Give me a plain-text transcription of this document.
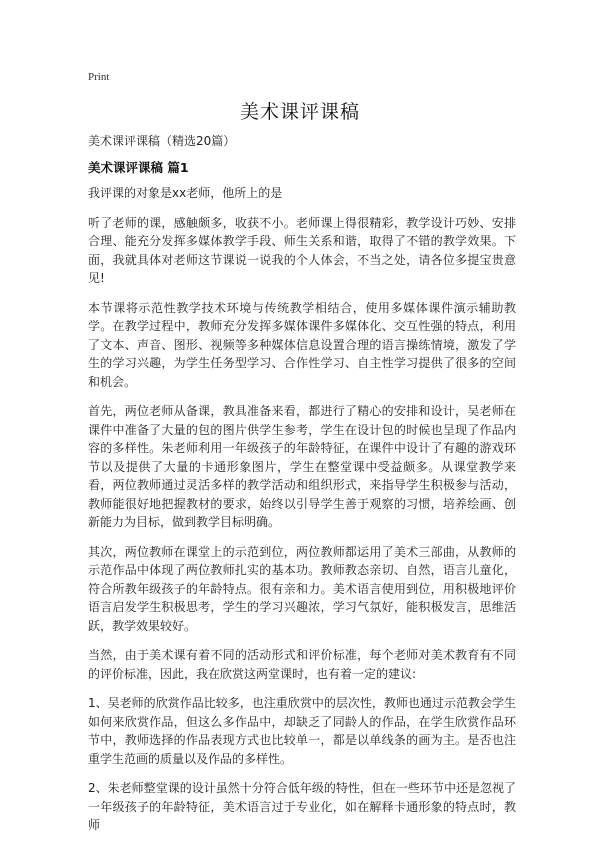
Print
美术课评课稿
美术课评课稿（精选20篇）
美术课评课稿 篇1

我评课的对象是xx老师，他所上的是

听了老师的课，感触颇多，收获不小。老师课上得很精彩，教学设计巧妙、安排合理、能充分发挥多媒体教学手段、师生关系和谐，取得了不错的教学效果。下面，我就具体对老师这节课说一说我的个人体会，不当之处，请各位多提宝贵意见!

本节课将示范性教学技术环境与传统教学相结合，使用多媒体课件演示辅助教学。在教学过程中，教师充分发挥多媒体课件多媒体化、交互性强的特点，利用了文本、声音、图形、视频等多种媒体信息设置合理的语言操练情境，激发了学生的学习兴趣，为学生任务型学习、合作性学习、自主性学习提供了很多的空间和机会。

首先，两位老师从备课，教具准备来看，都进行了精心的安排和设计，吴老师在课件中准备了大量的包的图片供学生参考，学生在设计包的时候也呈现了作品内容的多样性。朱老师利用一年级孩子的年龄特征，在课件中设计了有趣的游戏环节以及提供了大量的卡通形象图片，学生在整堂课中受益颇多。从课堂教学来看，两位教师通过灵活多样的教学活动和组织形式，来指导学生积极参与活动，教师能很好地把握教材的要求，始终以引导学生善于观察的习惯，培养绘画、创新能力为目标，做到教学目标明确。

其次，两位教师在课堂上的示范到位，两位教师都运用了美术三部曲，从教师的示范作品中体现了两位教师扎实的基本功。教师教态亲切、自然，语言儿童化，符合所教年级孩子的年龄特点。很有亲和力。美术语言使用到位，用积极地评价语言启发学生积极思考，学生的学习兴趣浓，学习气氛好，能积极发言，思维活跃，教学效果较好。

当然，由于美术课有着不同的活动形式和评价标准，每个老师对美术教育有不同的评价标准，因此，我在欣赏这两堂课时，也有着一定的建议:

1、吴老师的欣赏作品比较多，也注重欣赏中的层次性，教师也通过示范教会学生如何来欣赏作品，但这么多作品中，却缺乏了同龄人的作品，在学生欣赏作品环节中，教师选择的作品表现方式也比较单一，都是以单线条的画为主。是否也注重学生范画的质量以及作品的多样性。

2、朱老师整堂课的设计虽然十分符合低年级的特性，但在一些环节中还是忽视了一年级孩子的年龄特征，美术语言过于专业化，如在解释卡通形象的特点时，教师
